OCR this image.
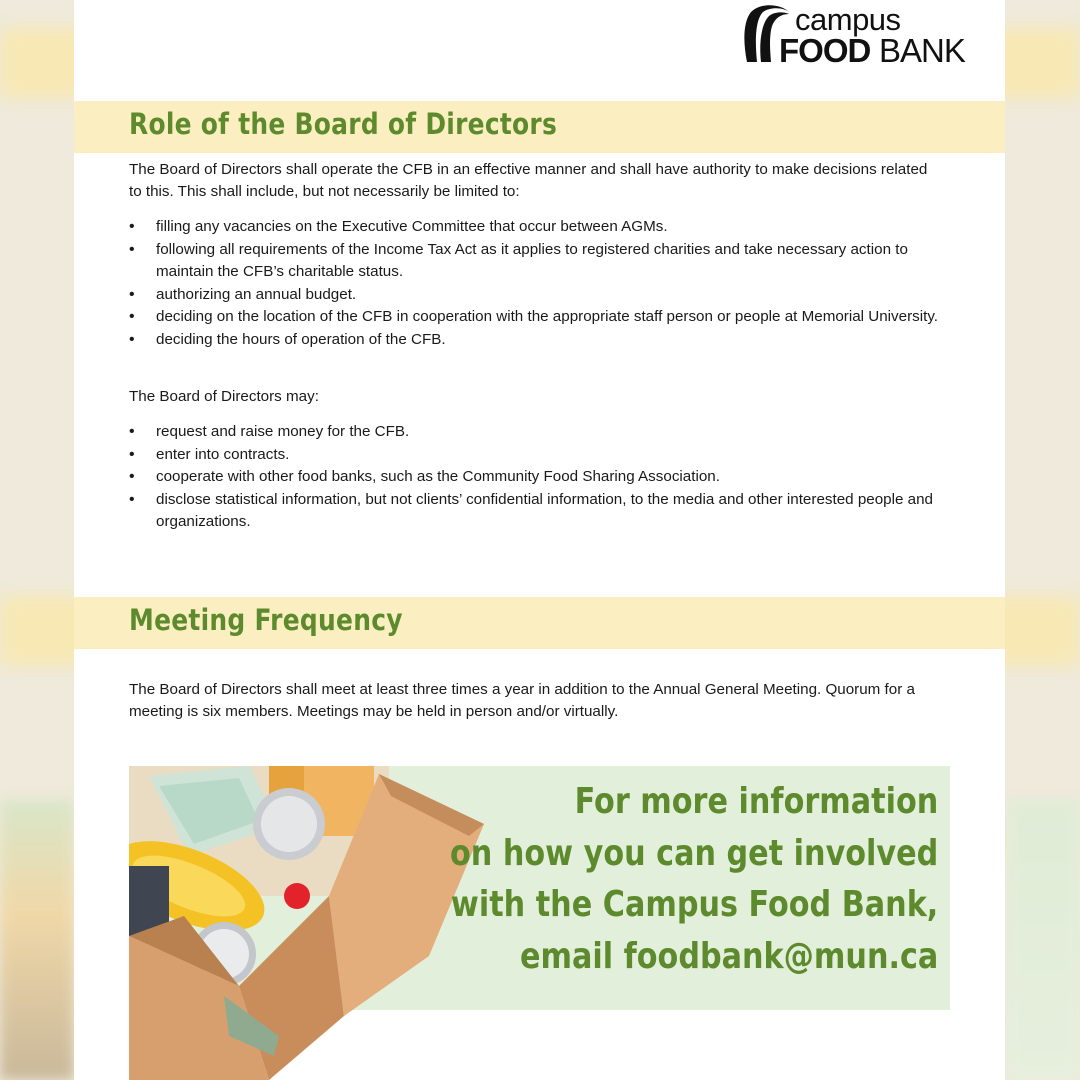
campus
FOOD BANK
Role of the Board of Directors

The Board of Directors shall operate the CFB in an effective manner and shall have authority to make decisions related to this. This shall include, but not necessarily be limited to:

• filling any vacancies on the Executive Committee that occur between AGMs.
• following all requirements of the Income Tax Act as it applies to registered charities and take necessary action to maintain the CFB’s charitable status.
• authorizing an annual budget.
• deciding on the location of the CFB in cooperation with the appropriate staff person or people at Memorial University.
• deciding the hours of operation of the CFB.

The Board of Directors may:

• request and raise money for the CFB.
• enter into contracts.
• cooperate with other food banks, such as the Community Food Sharing Association.
• disclose statistical information, but not clients’ confidential information, to the media and other interested people and organizations.
Meeting Frequency

The Board of Directors shall meet at least three times a year in addition to the Annual General Meeting. Quorum for a meeting is six members. Meetings may be held in person and/or virtually.

For more information
on how you can get involved
with the Campus Food Bank,
email foodbank@mun.ca
